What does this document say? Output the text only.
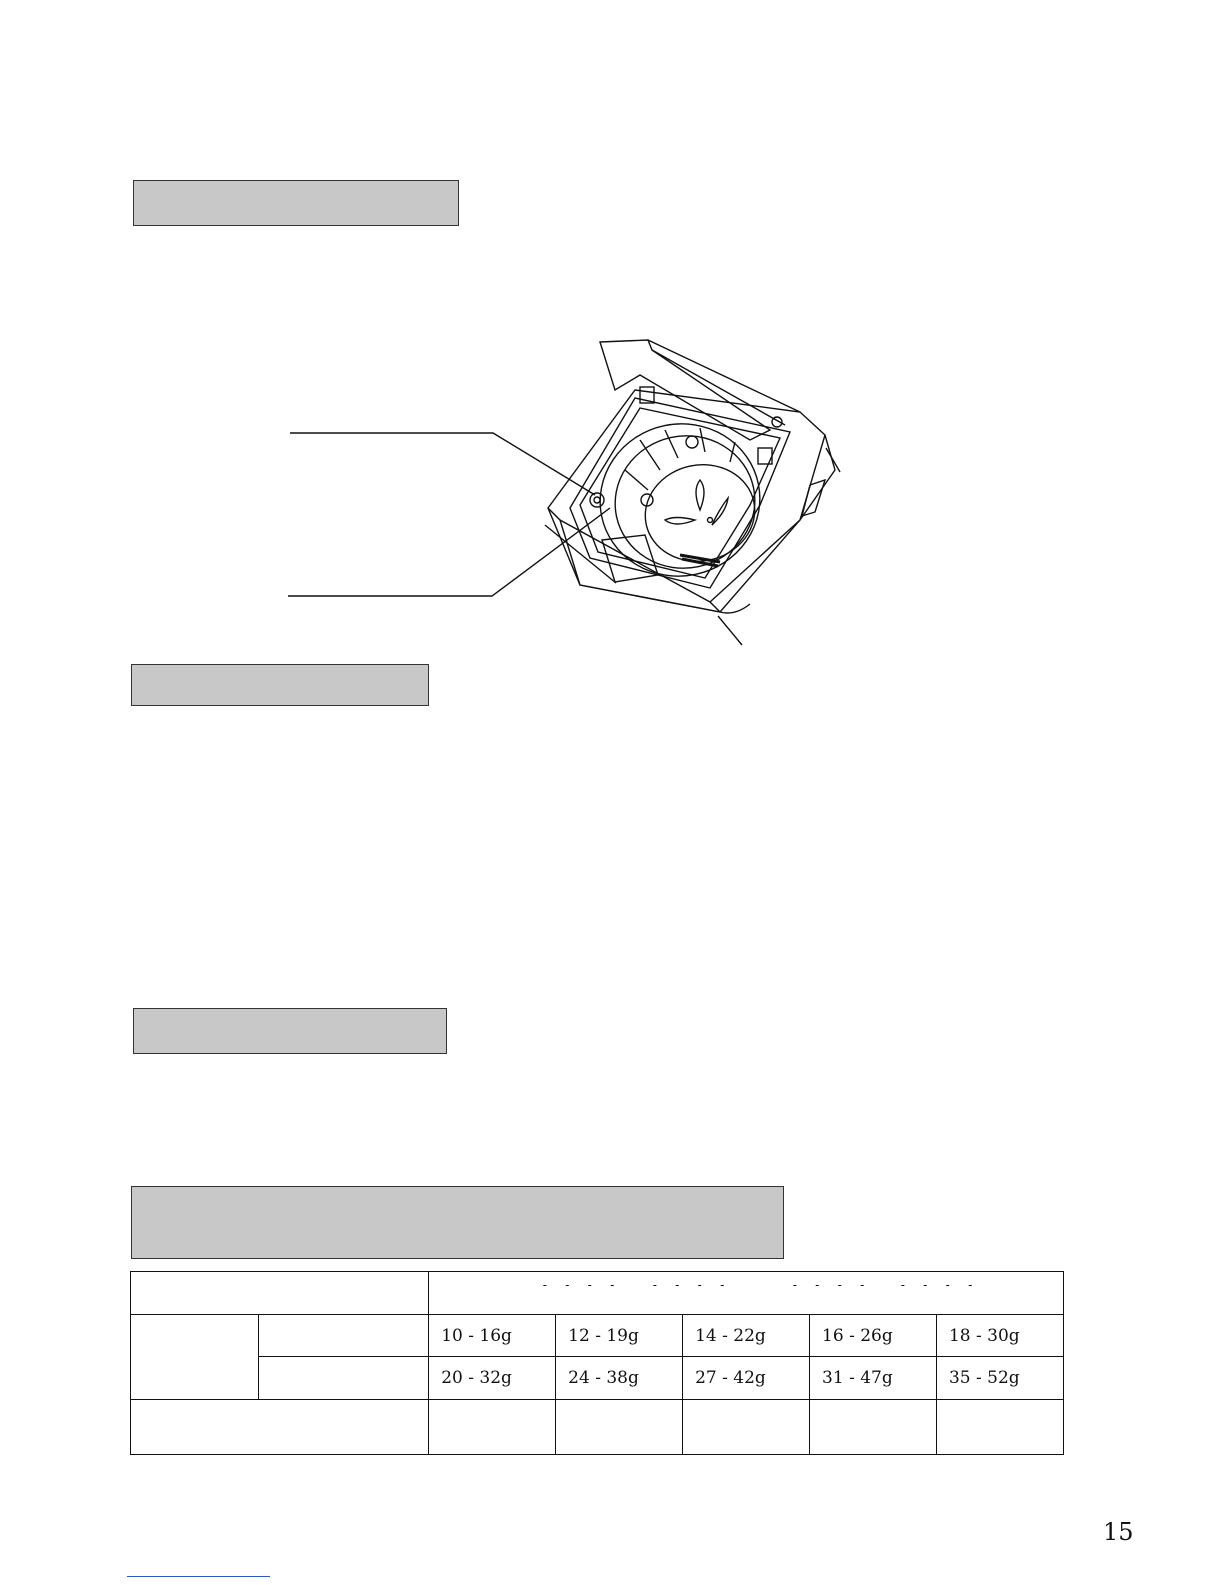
		- - - - - - - - - - - - - - - -				

		10 - 16g	12 - 19g	14 - 22g	16 - 26g	18 - 30g
		20 - 32g	24 - 38g	27 - 42g	31 - 47g	35 - 52g

15
